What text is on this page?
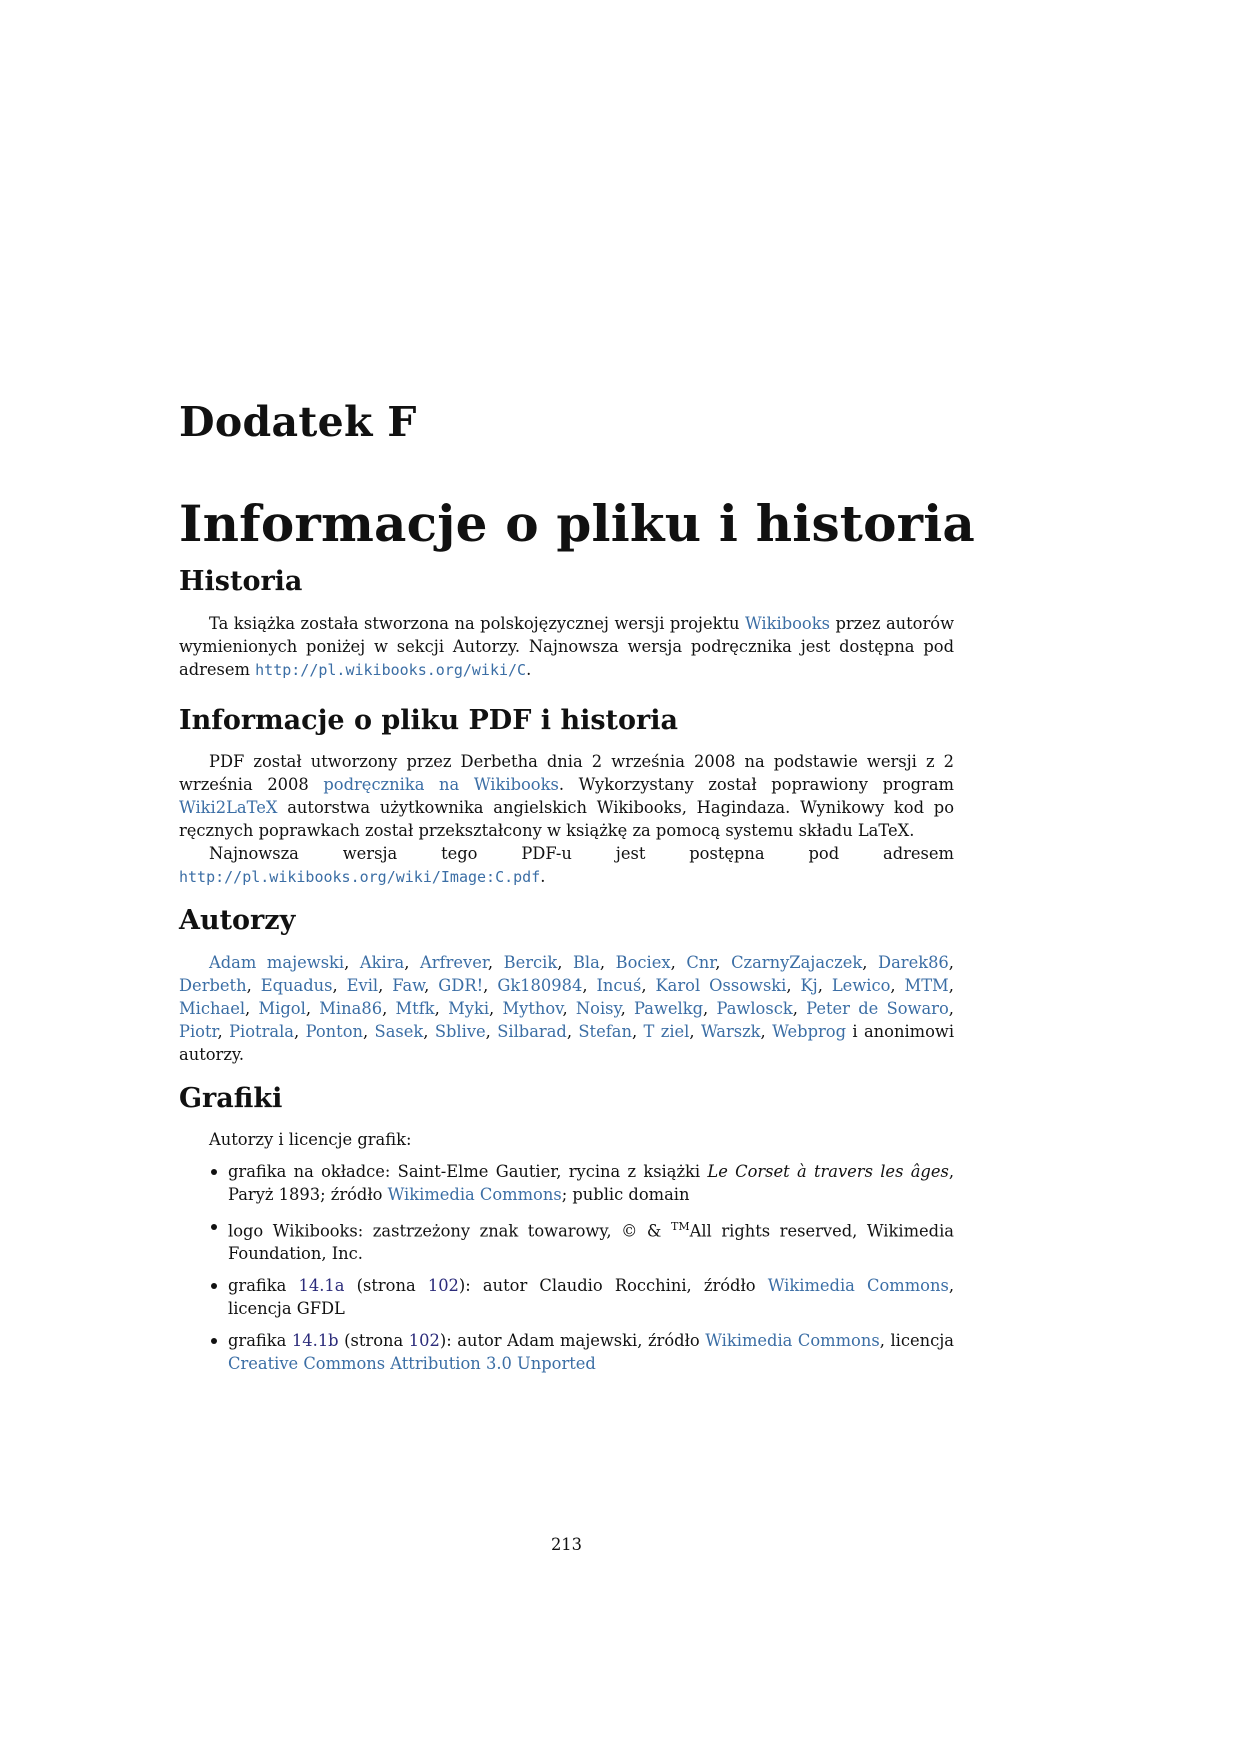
Dodatek F
Informacje o pliku i historia
Historia

Ta książka została stworzona na polskojęzycznej wersji projektu Wikibooks przez autorów wymienionych poniżej w sekcji Autorzy. Najnowsza wersja podręcznika jest dostępna pod adresem http://pl.wikibooks.org/wiki/C.

Informacje o pliku PDF i historia

PDF został utworzony przez Derbetha dnia 2 września 2008 na podstawie wersji z 2 września 2008 podręcznika na Wikibooks. Wykorzystany został poprawiony program Wiki2LaTeX autorstwa użytkownika angielskich Wikibooks, Hagindaza. Wynikowy kod po ręcznych poprawkach został przekształcony w książkę za pomocą systemu składu LaTeX.

Najnowsza wersja tego PDF-u jest postępna pod adresem http://pl.wikibooks.org/wiki/Image:C.pdf.

Autorzy

Adam majewski, Akira, Arfrever, Bercik, Bla, Bociex, Cnr, CzarnyZajaczek, Darek86, Derbeth, Equadus, Evil, Faw, GDR!, Gk180984, Incuś, Karol Ossowski, Kj, Lewico, MTM, Michael, Migol, Mina86, Mtfk, Myki, Mythov, Noisy, Pawelkg, Pawlosck, Peter de Sowaro, Piotr, Piotrala, Ponton, Sasek, Sblive, Silbarad, Stefan, T ziel, Warszk, Webprog i anonimowi autorzy.

Grafiki

Autorzy i licencje grafik:

grafika na okładce: Saint-Elme Gautier, rycina z książki Le Corset à travers les âges, Paryż 1893; źródło Wikimedia Commons; public domain
logo Wikibooks: zastrzeżony znak towarowy, © & ™All rights reserved, Wikimedia Foundation, Inc.
grafika 14.1a (strona 102): autor Claudio Rocchini, źródło Wikimedia Commons, licencja GFDL
grafika 14.1b (strona 102): autor Adam majewski, źródło Wikimedia Commons, licencja Creative Commons Attribution 3.0 Unported
213
